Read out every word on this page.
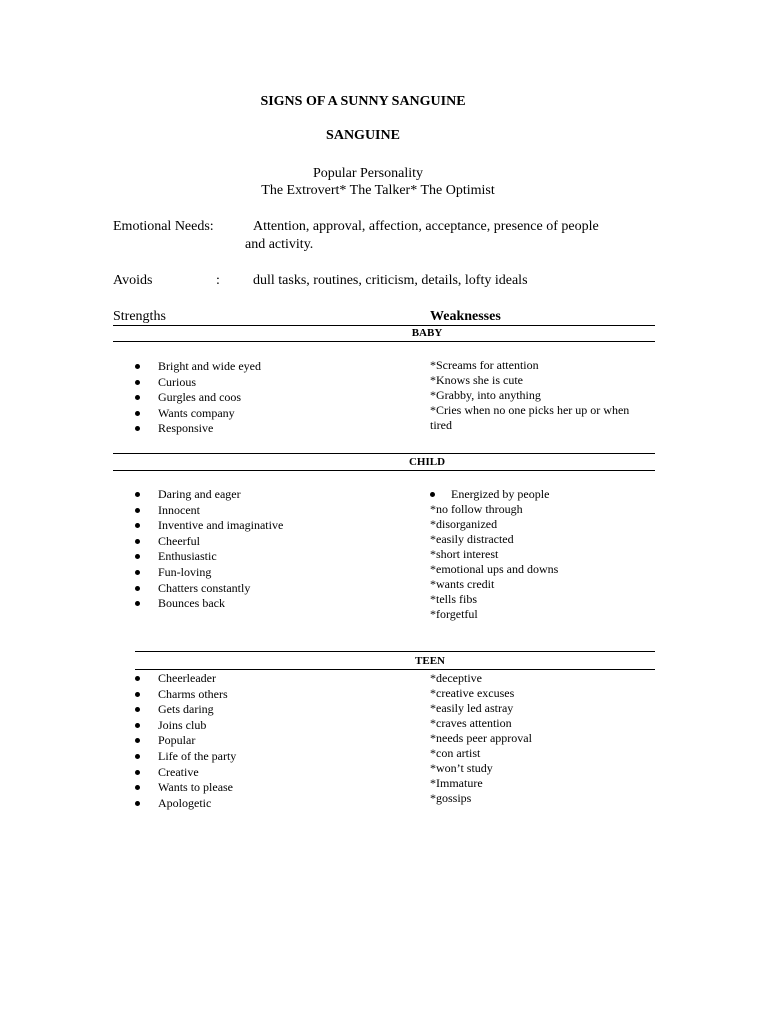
SIGNS OF A SUNNY SANGUINE
SANGUINE
Popular Personality
The Extrovert* The Talker* The Optimist
Emotional Needs:	Attention, approval, affection, acceptance, presence of people
and activity.
Avoids	: dull tasks, routines, criticism, details, lofty ideals
Strengths	Weaknesses
BABY
Bright and wide eyed
Curious
Gurgles and coos
Wants company
Responsive
*Screams for attention
*Knows she is cute
*Grabby, into anything
*Cries when no one picks her up or when tired
CHILD
Daring and eager
Innocent
Inventive and imaginative
Cheerful
Enthusiastic
Fun-loving
Chatters constantly
Bounces back
Energized by people
*no follow through
*disorganized
*easily distracted
*short interest
*emotional ups and downs
*wants credit
*tells fibs
*forgetful
TEEN
Cheerleader
Charms others
Gets daring
Joins club
Popular
Life of the party
Creative
Wants to please
Apologetic
*deceptive
*creative excuses
*easily led astray
*craves attention
*needs peer approval
*con artist
*won’t study
*Immature
*gossips
